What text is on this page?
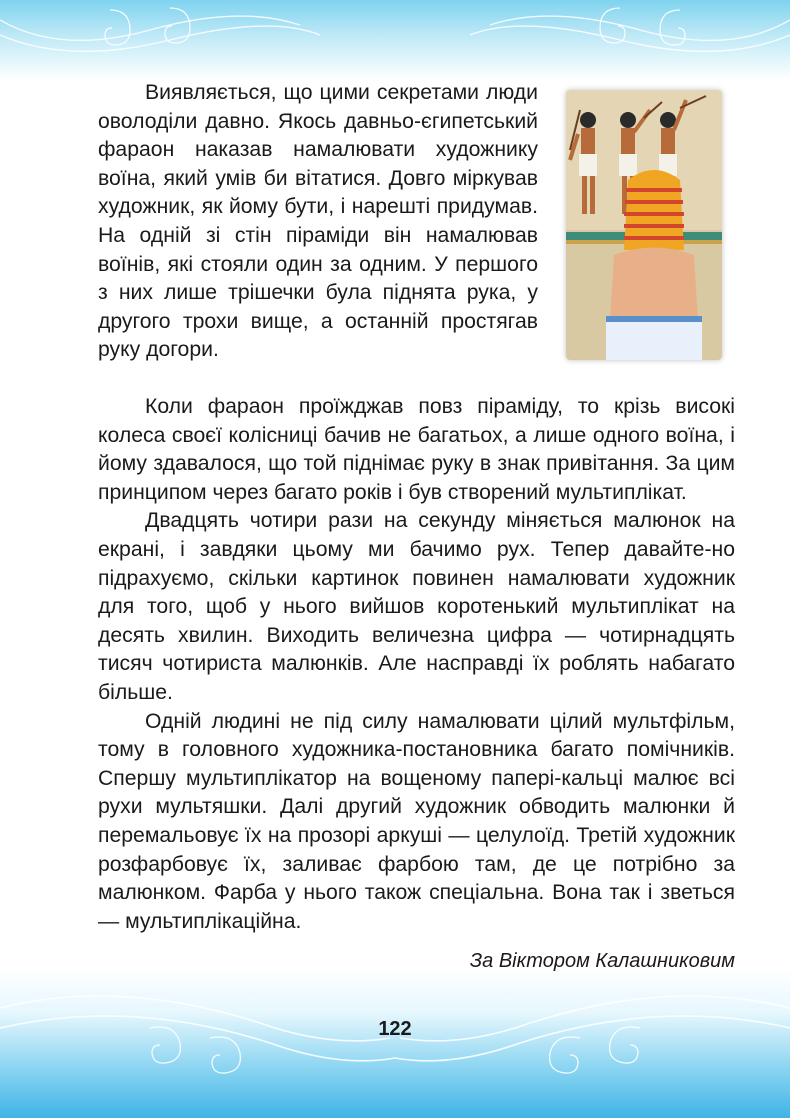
Виявляється, що цими секретами люди оволоділи давно. Якось давньо-єгипетський фараон наказав намалювати художнику воїна, який умів би вітатися. Довго міркував художник, як йому бути, і нарешті придумав. На одній зі стін піраміди він намалював воїнів, які стояли один за одним. У першого з них лише трішечки була піднята рука, у другого трохи вище, а останній простягав руку догори.

Коли фараон проїжджав повз піраміду, то крізь високі колеса своєї колісниці бачив не багатьох, а лише одного воїна, і йому здавалося, що той піднімає руку в знак привітання. За цим принципом через багато років і був створений мультиплікат.

Двадцять чотири рази на секунду міняється малюнок на екрані, і завдяки цьому ми бачимо рух. Тепер давайте-но підрахуємо, скільки картинок повинен намалювати художник для того, щоб у нього вийшов коротенький мультиплікат на десять хвилин. Виходить величезна цифра — чотирнадцять тисяч чотириста малюнків. Але насправді їх роблять набагато більше.

Одній людині не під силу намалювати цілий мультфільм, тому в головного художника-постановника багато помічників. Спершу мультиплікатор на вощеному папері-кальці малює всі рухи мультяшки. Далі другий художник обводить малюнки й перемальовує їх на прозорі аркуші — целулоїд. Третій художник розфарбовує їх, заливає фарбою там, де це потрібно за малюнком. Фарба у нього також спеціальна. Вона так і зветься — мультиплікаційна.

За Віктором Калашниковим
122
